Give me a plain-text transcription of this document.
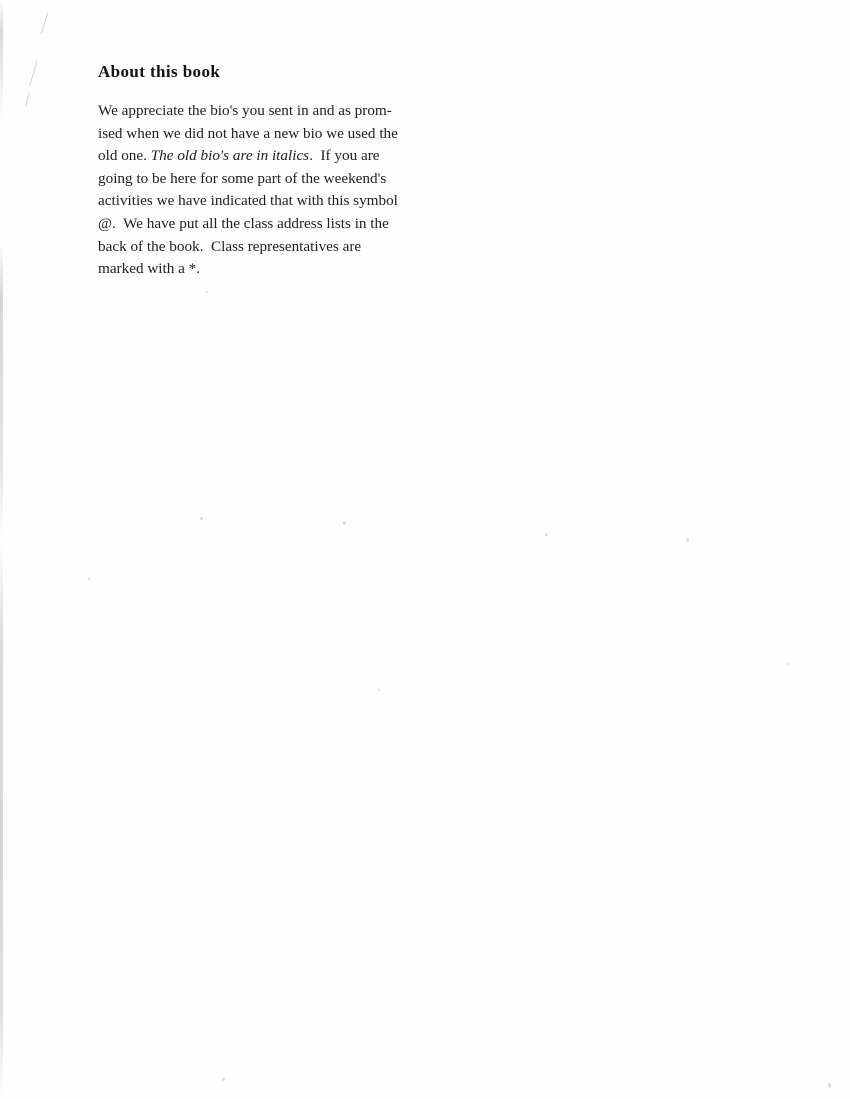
About this book

We appreciate the bio's you sent in and as prom-
ised when we did not have a new bio we used the
old one. The old bio's are in italics.  If you are
going to be here for some part of the weekend's
activities we have indicated that with this symbol
@.  We have put all the class address lists in the
back of the book.  Class representatives are
marked with a *.
